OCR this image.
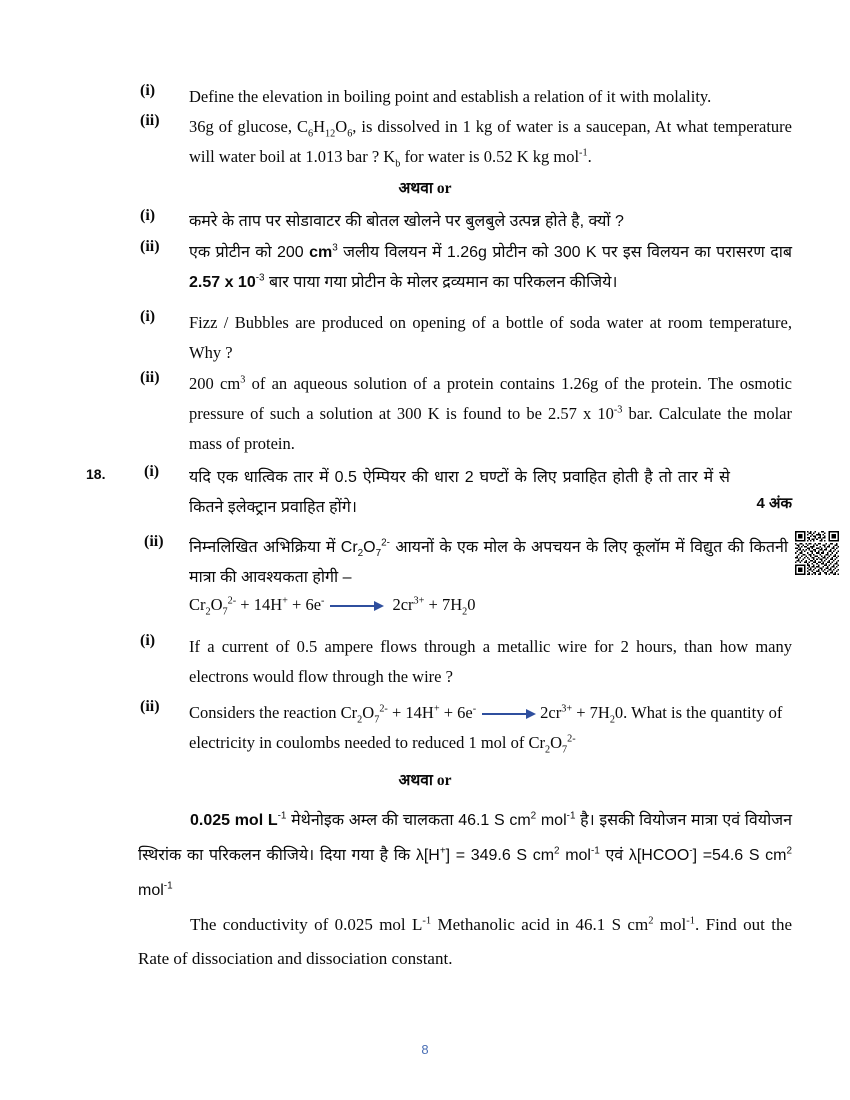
(i) Define the elevation in boiling point and establish a relation of it with molality.
(ii) 36g of glucose, $C_6H_{12}O_6$, is dissolved in 1 kg of water is a saucepan, At what temperature will water boil at 1.013 bar ? $K_b$ for water is 0.52 K kg mol$^{-1}$.
अथवा or
(i) कमरे के ताप पर सोडावाटर की बोतल खोलने पर बुलबुले उत्पन्न होते है, क्यों ?
(ii) एक प्रोटीन को 200 $cm^3$ जलीय विलयन में 1.26g प्रोटीन को 300 K पर इस विलयन का परासरण दाब 2.57 x $10^{-3}$ बार पाया गया प्रोटीन के मोलर द्रव्यमान का परिकलन कीजिये।
(i) Fizz / Bubbles are produced on opening of a bottle of soda water at room temperature, Why ?
(ii) 200 $cm^3$ of an aqueous solution of a protein contains 1.26g of the protein. The osmotic pressure of such a solution at 300 K is found to be 2.57 x $10^{-3}$ bar. Calculate the molar mass of protein.
18. (i) यदि एक धात्विक तार में 0.5 ऐम्पियर की धारा 2 घण्टों के लिए प्रवाहित होती है तो तार में से कितने इलेक्ट्रान प्रवाहित होंगे।	4 अंक
(ii) निम्नलिखित अभिक्रिया में $Cr_2O_7^{2-}$ आयनों के एक मोल के अपचयन के लिए कूलॉम में विद्युत की कितनी मात्रा की आवश्यकता होगी –
$Cr_2O_7^{2-} + 14H^+ + 6e^-$	$2cr^{3+} + 7H_20$
(i) If a current of 0.5 ampere flows through a metallic wire for 2 hours, than how many electrons would flow through the wire ?
(ii) Considers the reaction $Cr_2O_7^{2-} + 14H^+ + 6e^-$	$2cr^{3+} + 7H_20$. What is the quantity of electricity in coulombs needed to reduced 1 mol of $Cr_2O_7^{2-}$
अथवा or
0.025 mol $L^{-1}$ मेथेनोइक अम्ल की चालकता 46.1 S $cm^2$ mol$^{-1}$ है। इसकी वियोजन मात्रा एवं वियोजन स्थिरांक का परिकलन कीजिये। दिया गया है कि λ[H+] = 349.6 S $cm^2$ mol$^{-1}$ एवं λ[HCOO-] =54.6 S $cm^2$ mol$^{-1}$
The conductivity of 0.025 mol $L^{-1}$ Methanolic acid in 46.1 S $cm^2$ mol$^{-1}$. Find out the Rate of dissociation and dissociation constant.
8
